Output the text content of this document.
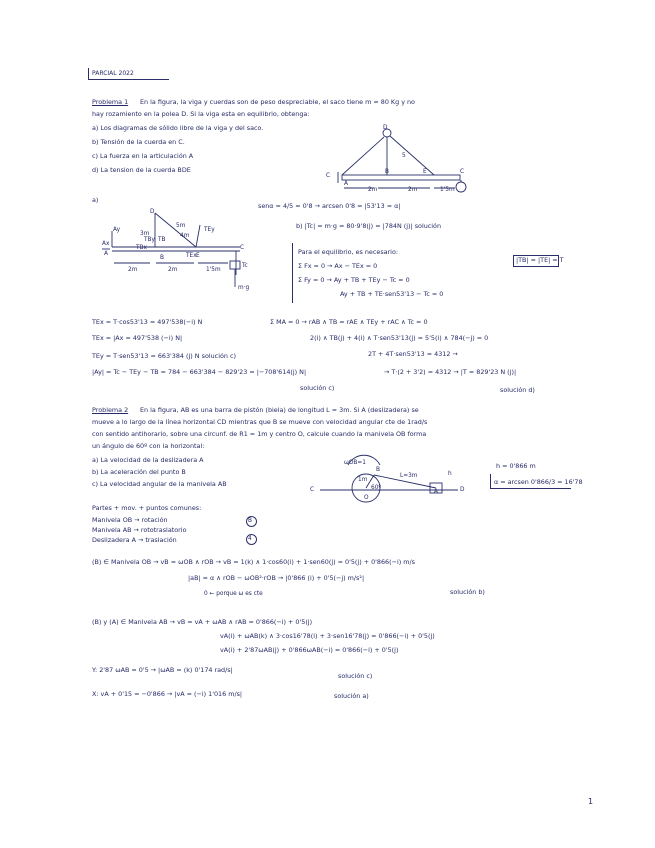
PARCIAL 2022
Problema 1 En la figura, la viga y cuerdas son de peso despreciable, el saco tiene m = 80 Kg y no
hay rozamiento en la polea D. Si la viga esta en equilibrio, obtenga:
a) Los diagramas de sólido libre de la viga y del saco.
b) Tensión de la cuerda en C.
c) La fuerza en la articulación A
d) La tension de la cuerda BDE
D
C
B
A
E	C
5
2m	2m	1'5m
a)
D
5m
3m	4m
A
Ay
Ax
TB
TBx
TBy
B
TEy
TEx E
C
Tc
2m	2m	1'5m
m·g
senα = 4/5 = 0'8 → arcsen 0'8 = |53'13 = α|
b) |Tc| = m·g = 80·9'8(j) = |784N (j)| solución
Para el equilibrio, es necesario:
|TB| = |TE| = T
Σ Fx = 0 → Ax − TEx = 0
Σ Fy = 0 → Ay + TB + TEy − Tc = 0
Ay + TB + TE·sen53'13 − Tc = 0
TEx = T·cos53'13 = 497'538(−i) N
TEx = |Ax = 497'538 (−i) N|
TEy = T·sen53'13 = 663'384 (j) N solución c)
|Ay| = Tc − TEy − TB = 784 − 663'384 − 829'23 = |−708'614(j) N|
solución c)
Σ MA = 0 → rAB ∧ TB = rAE ∧ TEy + rAC ∧ Tc = 0
2(i) ∧ TB(j) + 4(i) ∧ T·sen53'13(j) = 5'5(i) ∧ 784(−j) = 0
2T + 4T·sen53'13 = 4312 →
→ T·(2 + 3'2) = 4312 → |T = 829'23 N (j)|
solución d)
Problema 2 En la figura, AB es una barra de pistón (biela) de longitud L = 3m. Si A (deslizadera) se
mueve a lo largo de la línea horizontal CD mientras que B se mueve con velocidad angular cte de 1rad/s
con sentido antihorario, sobre una circunf. de R1 = 1m y centro O, calcule cuando la manivela OB forma
un ángulo de 60º con la horizontal:
a) La velocidad de la deslizadera A
b) La aceleración del punto B
c) La velocidad angular de la manivela AB
ωOB=1
1m
60º
B
L=3m
O
A
C	D
h
h = 0'866 m
α = arcsen 0'866/3 = 16'78
Partes + mov. + puntos comunes:
Manivela OB → rotación
Manivela AB → rototraslatorio
Deslizadera A → traslación
B
4
(B) ∈ Manivela OB → vB = ωOB ∧ rOB → vB = 1(k) ∧ 1·cos60(i) + 1·sen60(j) = 0'5(j) + 0'866(−i) m/s
|aB| = α ∧ rOB − ωOB²·rOB → |0'866 (i) + 0'5(−j) m/s²|
0 ← porque ω es cte	solución b)
(B) y (A) ∈ Manivela AB → vB = vA + ωAB ∧ rAB = 0'866(−i) + 0'5(j)
vA(i) + ωAB(k) ∧ 3·cos16'78(i) + 3·sen16'78(j) = 0'866(−i) + 0'5(j)
vA(i) + 2'87ωAB(j) + 0'866ωAB(−i) = 0'866(−i) + 0'5(j)
Y: 2'87 ωAB = 0'5 → |ωAB = (k) 0'174 rad/s|
solución c)
X: vA + 0'15 = −0'866 → |vA = (−i) 1'016 m/s|	solución a)
1
